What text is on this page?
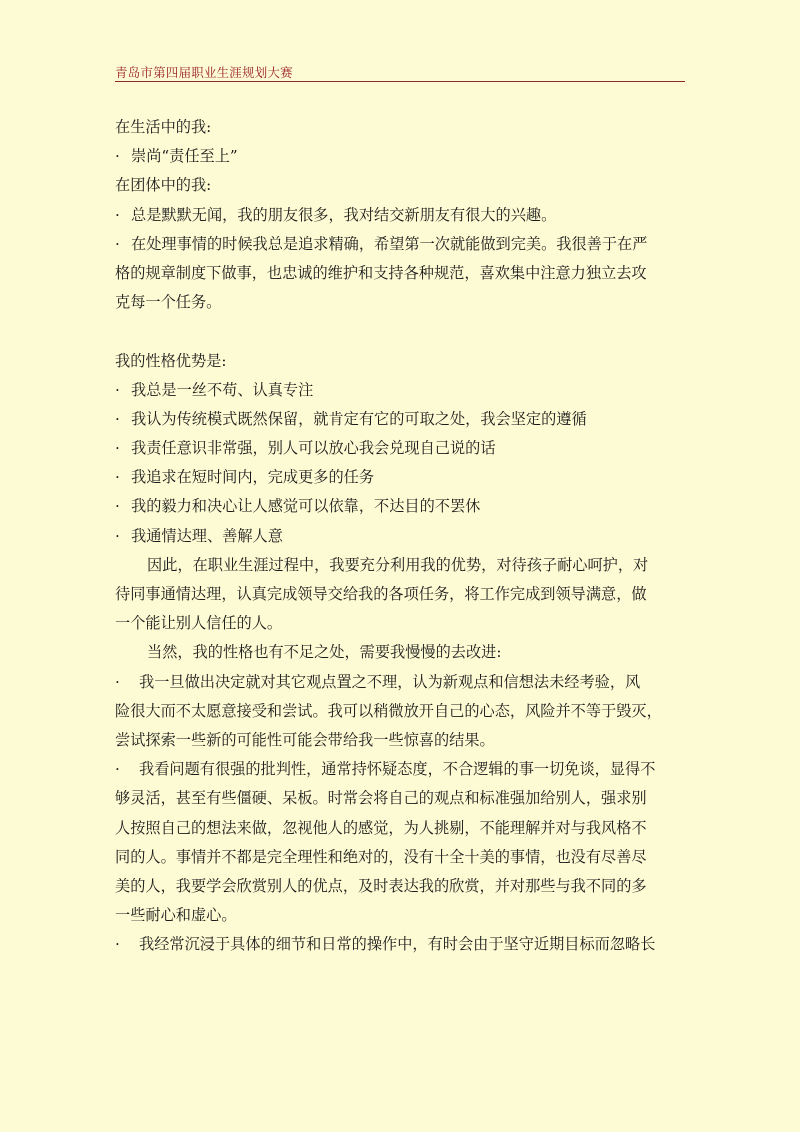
青岛市第四届职业生涯规划大赛
在生活中的我:
· 崇尚“责任至上”
在团体中的我:
· 总是默默无闻，我的朋友很多，我对结交新朋友有很大的兴趣。
· 在处理事情的时候我总是追求精确，希望第一次就能做到完美。我很善于在严
格的规章制度下做事，也忠诚的维护和支持各种规范，喜欢集中注意力独立去攻
克每一个任务。
我的性格优势是:
· 我总是一丝不苟、认真专注
· 我认为传统模式既然保留，就肯定有它的可取之处，我会坚定的遵循
· 我责任意识非常强，别人可以放心我会兑现自己说的话
· 我追求在短时间内，完成更多的任务
· 我的毅力和决心让人感觉可以依靠，不达目的不罢休
· 我通情达理、善解人意
因此，在职业生涯过程中，我要充分利用我的优势，对待孩子耐心呵护，对
待同事通情达理，认真完成领导交给我的各项任务，将工作完成到领导满意，做
一个能让别人信任的人。
当然，我的性格也有不足之处，需要我慢慢的去改进:
· 我一旦做出决定就对其它观点置之不理，认为新观点和信想法未经考验，风
险很大而不太愿意接受和尝试。我可以稍微放开自己的心态，风险并不等于毁灭，
尝试探索一些新的可能性可能会带给我一些惊喜的结果。
· 我看问题有很强的批判性，通常持怀疑态度，不合逻辑的事一切免谈，显得不
够灵活，甚至有些僵硬、呆板。时常会将自己的观点和标准强加给别人，强求别
人按照自己的想法来做，忽视他人的感觉，为人挑剔，不能理解并对与我风格不
同的人。事情并不都是完全理性和绝对的，没有十全十美的事情，也没有尽善尽
美的人，我要学会欣赏别人的优点，及时表达我的欣赏，并对那些与我不同的多
一些耐心和虚心。
· 我经常沉浸于具体的细节和日常的操作中，有时会由于坚守近期目标而忽略长
